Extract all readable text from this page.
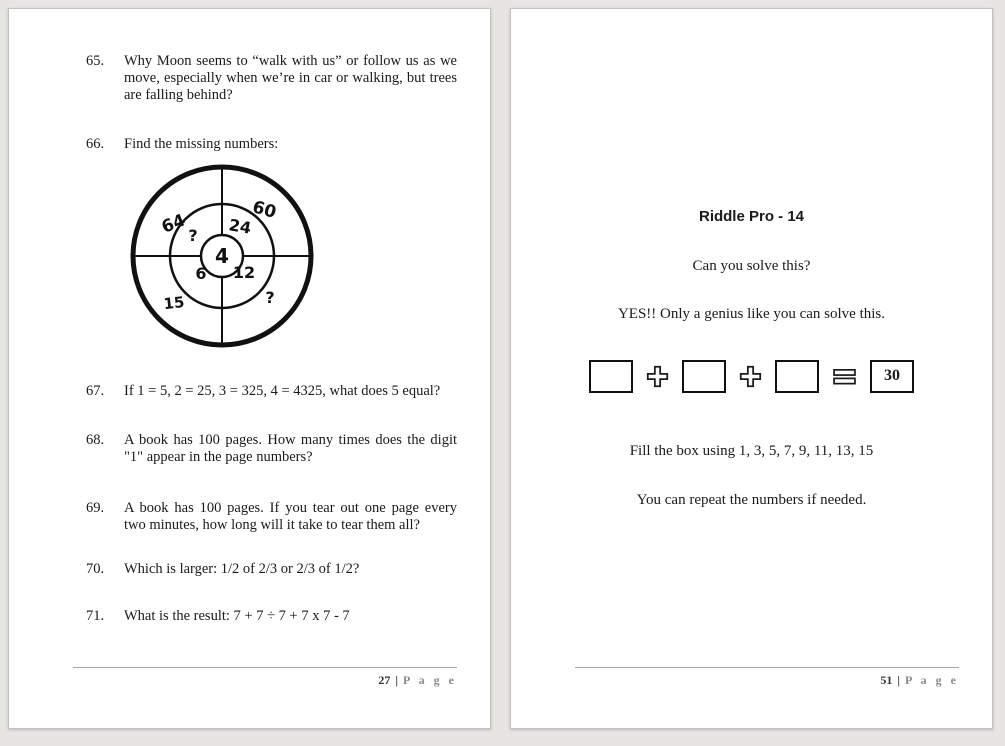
65.	Why Moon seems to “walk with us” or follow us as we move, especially when we’re in car or walking, but trees are falling behind?
66.	Find the missing numbers:
64
60
15	?
? 24
6 12
4
67.	If 1 = 5, 2 = 25, 3 = 325, 4 = 4325, what does 5 equal?
68.	A book has 100 pages. How many times does the digit "1" appear in the page numbers?
69.	A book has 100 pages. If you tear out one page every two minutes, how long will it take to tear them all?
70.	Which is larger: 1/2 of 2/3 or 2/3 of 1/2?
71.	What is the result: 7 + 7 ÷ 7 + 7 x 7 - 7
27 | P a g e
Riddle Pro - 14
Can you solve this?
YES!! Only a genius like you can solve this.
30
Fill the box using 1, 3, 5, 7, 9, 11, 13, 15
You can repeat the numbers if needed.
51 | P a g e
